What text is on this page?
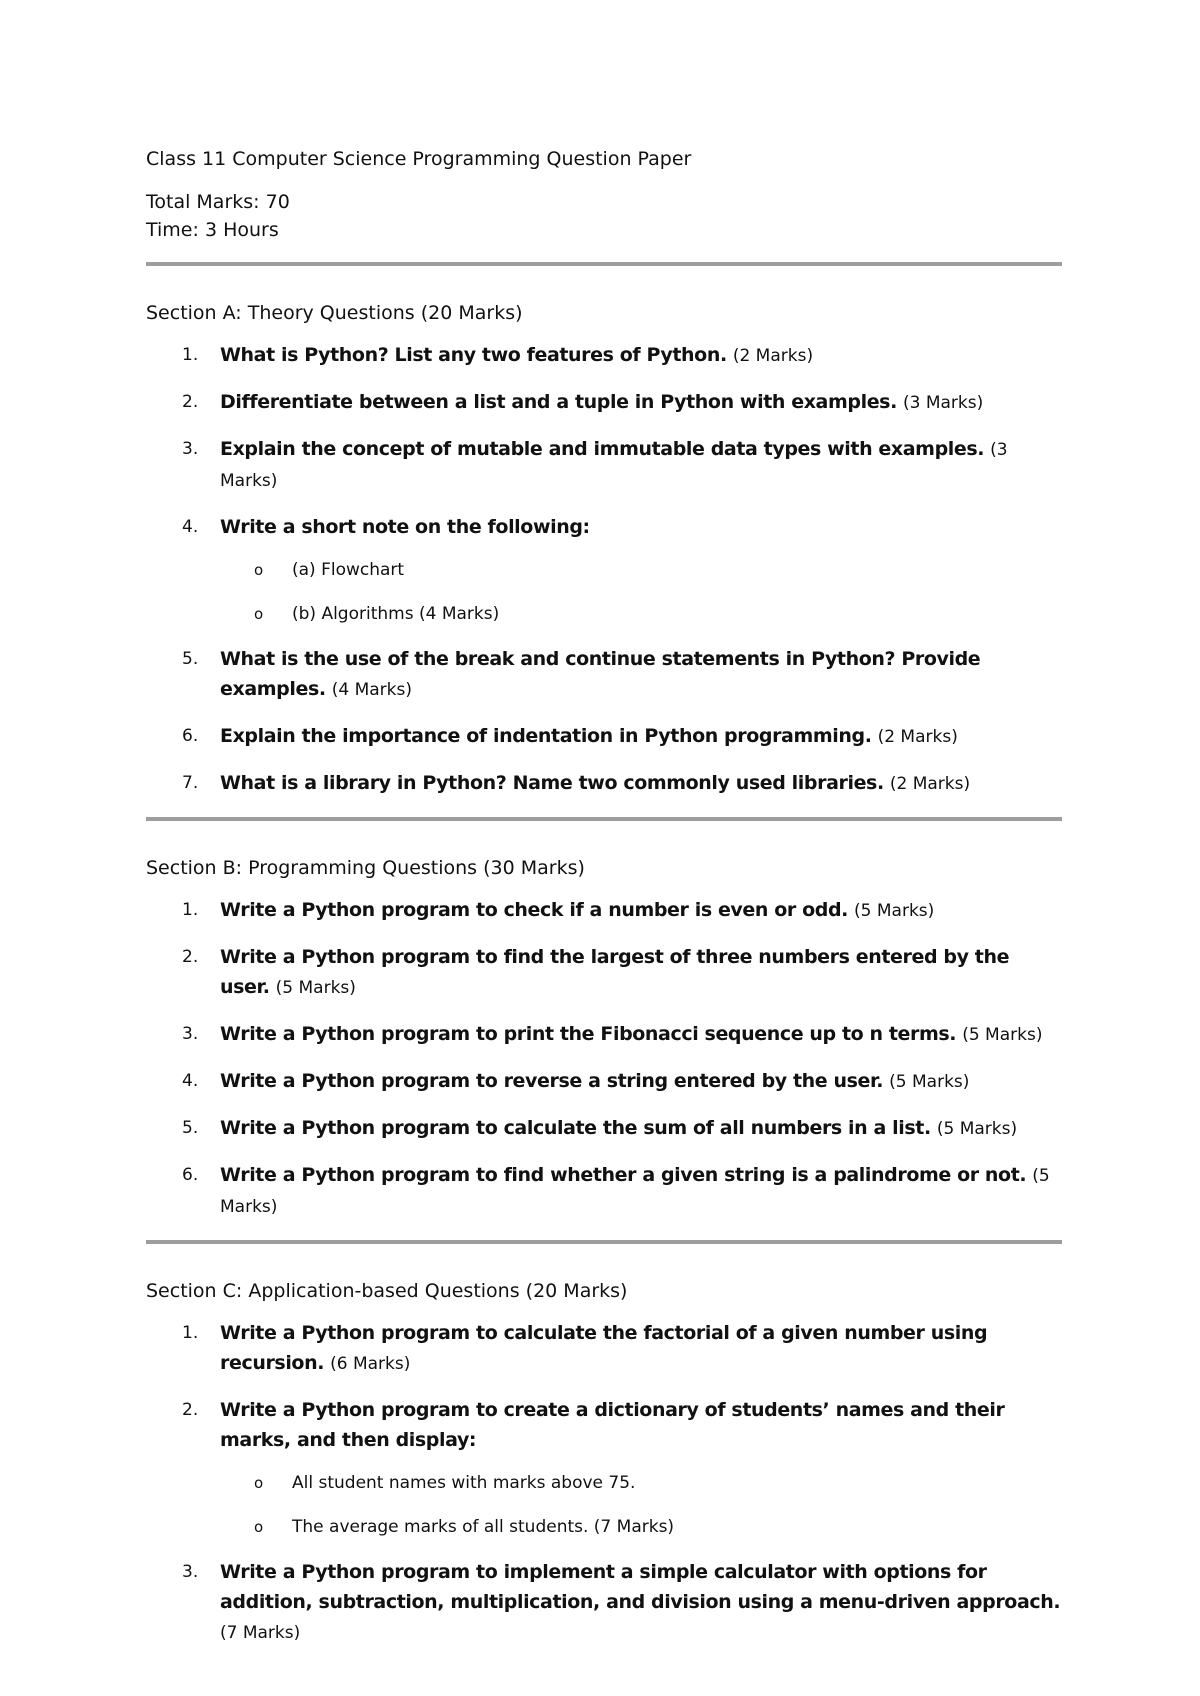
Class 11 Computer Science Programming Question Paper

Total Marks: 70

Time: 3 Hours

Section A: Theory Questions (20 Marks)

1. What is Python? List any two features of Python. (2 Marks)
2. Differentiate between a list and a tuple in Python with examples. (3 Marks)
3. Explain the concept of mutable and immutable data types with examples. (3 Marks)
4. Write a short note on the following:
o (a) Flowchart
o (b) Algorithms (4 Marks)
5. What is the use of the break and continue statements in Python? Provide examples. (4 Marks)
6. Explain the importance of indentation in Python programming. (2 Marks)
7. What is a library in Python? Name two commonly used libraries. (2 Marks)

Section B: Programming Questions (30 Marks)

1. Write a Python program to check if a number is even or odd. (5 Marks)
2. Write a Python program to find the largest of three numbers entered by the user. (5 Marks)
3. Write a Python program to print the Fibonacci sequence up to n terms. (5 Marks)
4. Write a Python program to reverse a string entered by the user. (5 Marks)
5. Write a Python program to calculate the sum of all numbers in a list. (5 Marks)
6. Write a Python program to find whether a given string is a palindrome or not. (5 Marks)

Section C: Application-based Questions (20 Marks)

1. Write a Python program to calculate the factorial of a given number using recursion. (6 Marks)
2. Write a Python program to create a dictionary of students’ names and their marks, and then display:
o All student names with marks above 75.
o The average marks of all students. (7 Marks)
3. Write a Python program to implement a simple calculator with options for addition, subtraction, multiplication, and division using a menu-driven approach. (7 Marks)
